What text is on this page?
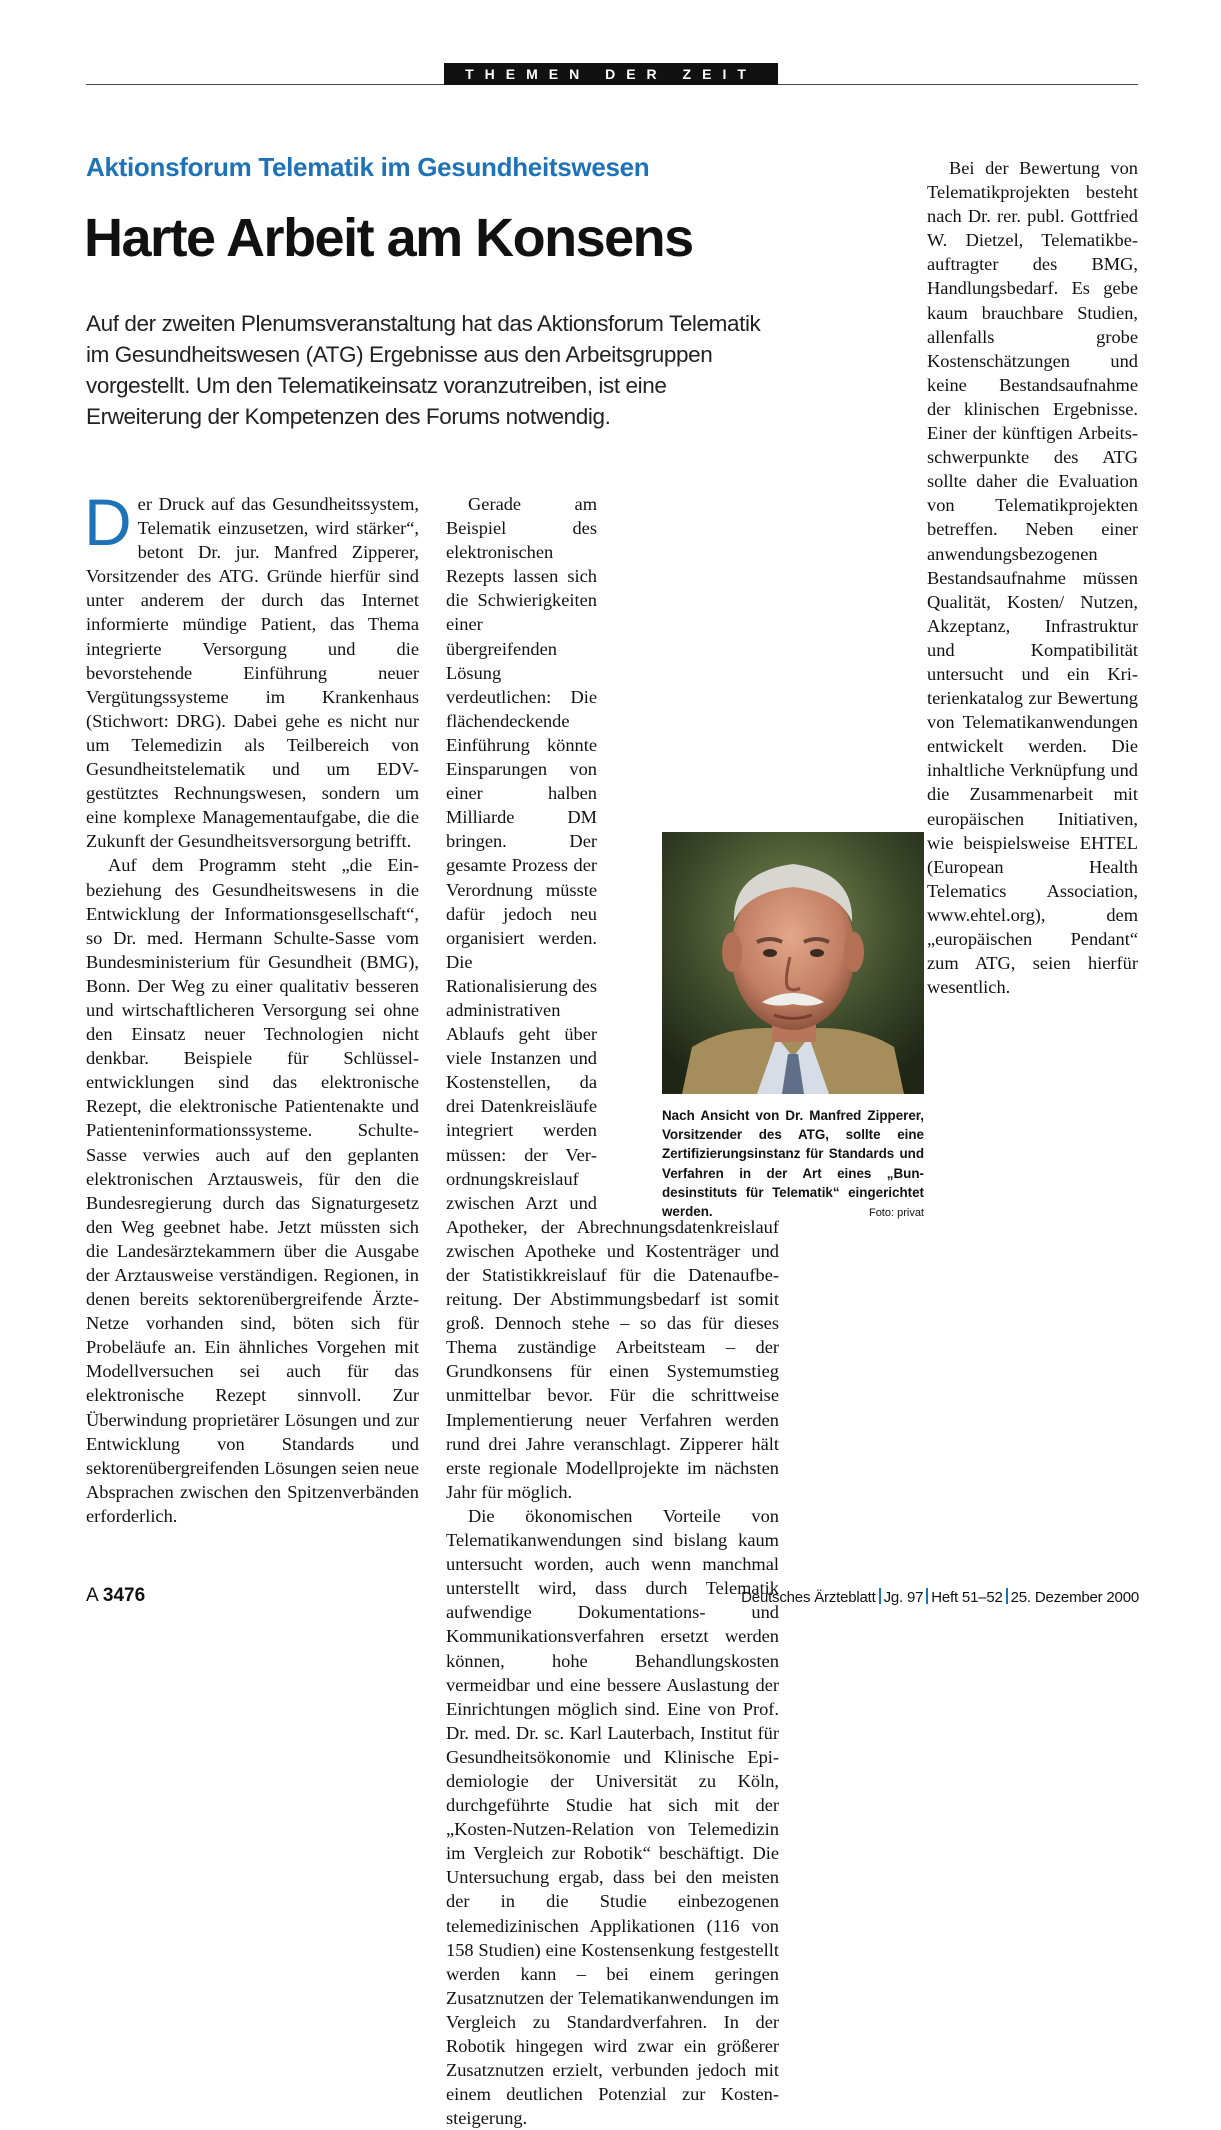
THEMEN DER ZEIT
Aktionsforum Telematik im Gesundheitswesen
Harte Arbeit am Konsens
Auf der zweiten Plenumsveranstaltung hat das Aktionsforum Telematik im Gesundheitswesen (ATG) Ergebnisse aus den Arbeitsgruppen vorgestellt. Um den Telematikeinsatz voranzutreiben, ist eine Erweiterung der Kompetenzen des Forums notwendig.

Der Druck auf das Gesundheitssystem, Telematik einzusetzen, wird stärker“, betont Dr. jur. Manfred Zipperer, Vorsitzender des ATG. Gründe hierfür sind unter anderem der durch das Internet informierte mündige Patient, das Thema integrierte Versorgung und die bevorstehende Einführung neuer Vergütungssysteme im Krankenhaus (Stichwort: DRG). Dabei gehe es nicht nur um Telemedizin als Teilbereich von Gesundheitstelematik und um EDV-gestütztes Rechnungswesen, sondern um eine komplexe Managementaufgabe, die die Zukunft der Gesundheitsversorgung betrifft.

Auf dem Programm steht „die Einbeziehung des Gesundheitswesens in die Entwicklung der Informationsgesellschaft“, so Dr. med. Hermann Schulte-Sasse vom Bundesministerium für Gesundheit (BMG), Bonn. Der Weg zu einer qualitativ besseren und wirtschaftlicheren Versorgung sei ohne den Einsatz neuer Technologien nicht denkbar. Beispiele für Schlüsselentwicklungen sind das elektronische Rezept, die elektronische Patientenakte und Patienteninformationssysteme. Schulte-Sasse verwies auch auf den geplanten elektronischen Arztausweis, für den die Bundesregierung durch das Signaturgesetz den Weg geebnet habe. Jetzt müssten sich die Landesärztekammern über die Ausgabe der Arztausweise verständigen. Regionen, in denen bereits sektorenübergreifende Ärzte-Netze vorhanden sind, böten sich für Probeläufe an. Ein ähnliches Vorgehen mit Modellversuchen sei auch für das elektronische Rezept sinnvoll. Zur Überwindung proprietärer Lösungen und zur Entwicklung von Standards und sektorenübergreifenden Lösungen seien neue Absprachen zwischen den Spitzenverbänden erforderlich.

Gerade am Beispiel des elektronischen Rezepts lassen sich die Schwierigkeiten einer übergreifenden Lösung verdeutlichen: Die flächendeckende Einführung könnte Einsparungen von einer halben Milliarde DM bringen. Der gesamte Prozess der Verordnung müsste dafür jedoch neu organisiert werden. Die Rationalisierung des administrativen Ablaufs geht über viele Instanzen und Kostenstellen, da drei Datenkreisläufe integriert werden müssen: der Verordnungskreislauf zwischen Arzt und Apotheker, der Abrechnungsdatenkreislauf zwischen Apotheke und Kostenträger und der Statistikkreislauf für die Datenaufbereitung. Der Abstimmungsbedarf ist somit groß. Dennoch stehe – so das für dieses Thema zuständige Arbeitsteam – der Grundkonsens für einen Systemumstieg unmittelbar bevor. Für die schrittweise Implementierung neuer Verfahren werden rund drei Jahre veranschlagt. Zipperer hält erste regionale Modellprojekte im nächsten Jahr für möglich.

Die ökonomischen Vorteile von Telematikanwendungen sind bislang kaum untersucht worden, auch wenn manchmal unterstellt wird, dass durch Telematik aufwendige Dokumentations- und Kommunikationsverfahren ersetzt werden können, hohe Behandlungskosten vermeidbar und eine bessere Auslastung der Einrichtungen möglich sind. Eine von Prof. Dr. med. Dr. sc. Karl Lauterbach, Institut für Gesundheitsökonomie und Klinische Epidemiologie der Universität zu Köln, durchgeführte Studie hat sich mit der „Kosten-Nutzen-Relation von Telemedizin im Vergleich zur Robotik“ beschäftigt. Die Untersuchung ergab, dass bei den meisten der in die Studie einbezogenen telemedizinischen Applikationen (116 von 158 Studien) eine Kostensenkung festgestellt werden kann – bei einem geringen Zusatznutzen der Telematikanwendungen im Vergleich zu Standardverfahren. In der Robotik hingegen wird zwar ein größerer Zusatznutzen erzielt, verbunden jedoch mit einem deutlichen Potenzial zur Kostensteigerung.

Bei der Bewertung von Telematikprojekten besteht nach Dr. rer. publ. Gottfried W. Dietzel, Telematikbeauftragter des BMG, Handlungsbedarf. Es gebe kaum brauchbare Studien, allenfalls grobe Kostenschätzungen und keine Bestandsaufnahme der klinischen Ergebnisse. Einer der künftigen Arbeitsschwerpunkte des ATG sollte daher die Evaluation von Telematikprojekten betreffen. Neben einer anwendungsbezogenen Bestandsaufnahme müssen Qualität, Kosten/ Nutzen, Akzeptanz, Infrastruktur und Kompatibilität untersucht und ein Kriterienkatalog zur Bewertung von Telematikanwendungen entwickelt werden. Die inhaltliche Verknüpfung und die Zusammenarbeit mit europäischen Initiativen, wie beispielsweise EHTEL (European Health Telematics Association, www.ehtel.org), dem „europäischen Pendant“ zum ATG, seien hierfür wesentlich.

Nach Ansicht von Dr. Manfred Zipperer, Vorsitzender des ATG, sollte eine Zertifizierungsinstanz für Standards und Verfahren in der Art eines „Bundesinstituts für Telematik“ eingerichtet werden.	Foto: privat
A 3476	Deutsches Ärzteblatt Jg. 97 Heft 51–52 25. Dezember 2000
